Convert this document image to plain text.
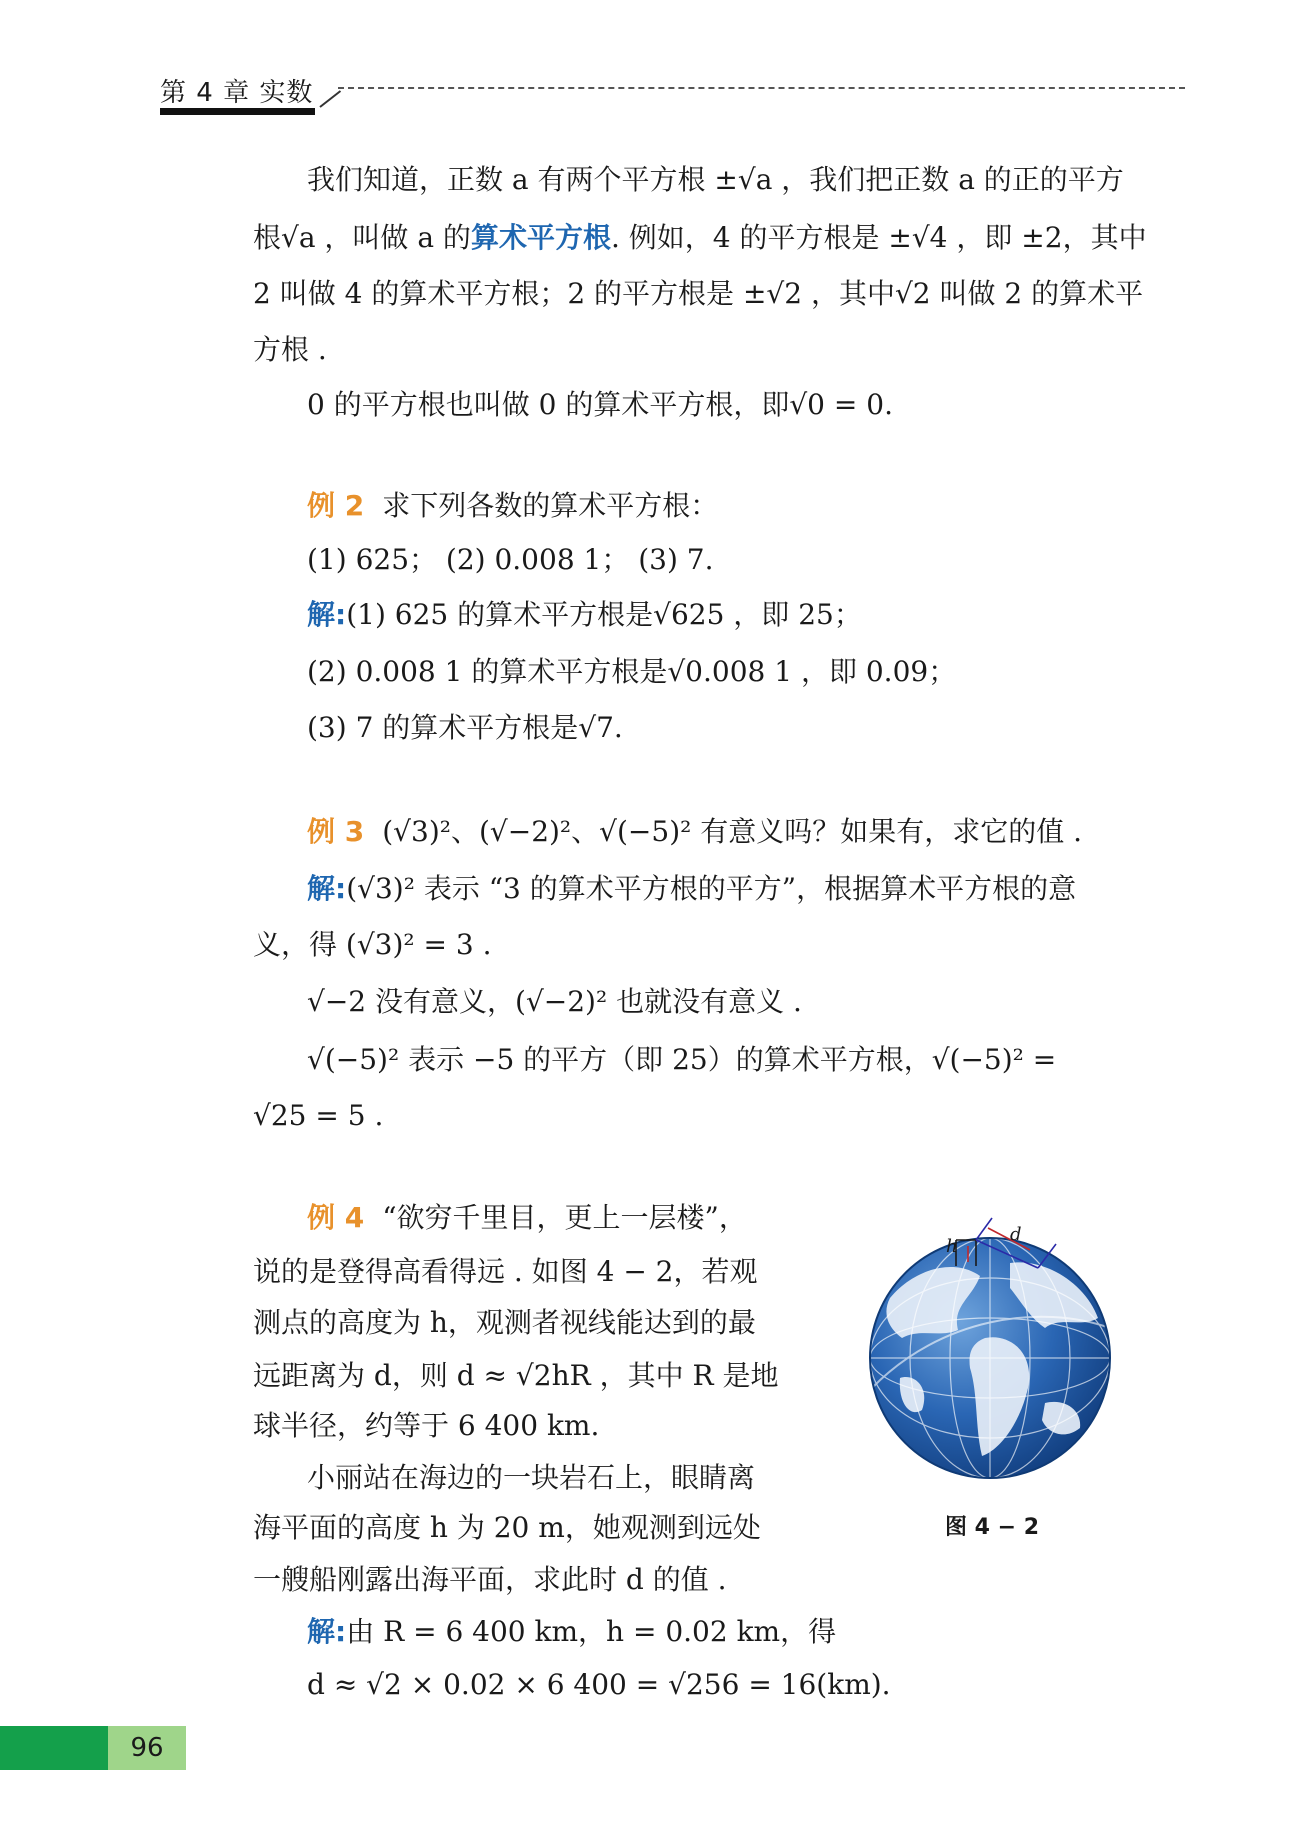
第 4 章 实数
我们知道，正数 a 有两个平方根 ±√a ，我们把正数 a 的正的平方
根√a ，叫做 a 的算术平方根. 例如，4 的平方根是 ±√4 ，即 ±2，其中
2 叫做 4 的算术平方根；2 的平方根是 ±√2 ，其中√2 叫做 2 的算术平
方根 .
0 的平方根也叫做 0 的算术平方根，即√0 = 0.
例 2 求下列各数的算术平方根：
(1) 625； (2) 0.008 1； (3) 7.
解:(1) 625 的算术平方根是√625 ，即 25；
(2) 0.008 1 的算术平方根是√0.008 1 ，即 0.09；
(3) 7 的算术平方根是√7.
例 3 (√3)²、(√−2)²、√(−5)² 有意义吗？如果有，求它的值 .
解:(√3)² 表示 “3 的算术平方根的平方”，根据算术平方根的意
义，得 (√3)² = 3 .
√−2 没有意义，(√−2)² 也就没有意义 .
√(−5)² 表示 −5 的平方（即 25）的算术平方根，√(−5)² =
√25 = 5 .
例 4 “欲穷千里目，更上一层楼”，
说的是登得高看得远 . 如图 4 − 2，若观
测点的高度为 h，观测者视线能达到的最
远距离为 d，则 d ≈ √2hR ，其中 R 是地
球半径，约等于 6 400 km.
小丽站在海边的一块岩石上，眼睛离
海平面的高度 h 为 20 m，她观测到远处
一艘船刚露出海平面，求此时 d 的值 .
解:由 R = 6 400 km，h = 0.02 km，得
d ≈ √2 × 0.02 × 6 400 = √256 = 16(km).
h
d
图 4 − 2
96
